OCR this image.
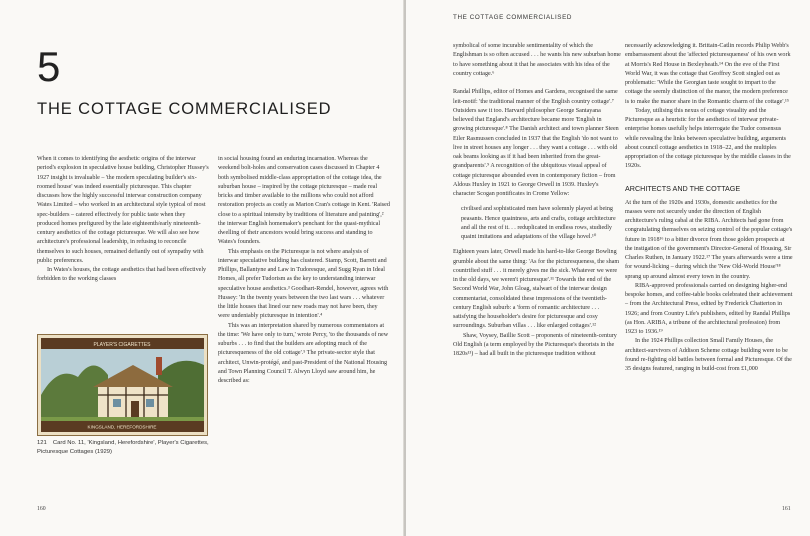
5
THE COTTAGE COMMERCIALISED

When it comes to identifying the aesthetic origins of the interwar period's explosion in speculative house building, Christopher Hussey's 1927 insight is invaluable – 'the modern speculating builder's six-roomed house' was indeed essentially picturesque. This chapter discusses how the highly successful interwar construction company Wates Limited – who worked in an architectural style typical of most spec-builders – catered effectively for public taste when they produced homes prefigured by the late eighteenth/early nineteenth-century aesthetics of the cottage picturesque. We will also see how architecture's professional leadership, in refusing to reconcile themselves to such houses, remained defiantly out of sympathy with public preferences.

In Wates's houses, the cottage aesthetics that had been effectively forbidden to the working classes

PLAYER'S CIGARETTES
KINGSLAND, HEREFORDSHIRE
121 Card No. 11, 'Kingsland, Herefordshire', Player's Cigarettes, Picturesque Cottages (1929)

in social housing found an enduring incarnation. Whereas the weekend bolt-holes and conservation cases discussed in Chapter 4 both symbolised middle-class appropriation of the cottage idea, the suburban house – inspired by the cottage picturesque – made real bricks and timber available to the millions who could not afford restoration projects as costly as Marion Cran's cottage in Kent. 'Raised close to a spiritual intensity by traditions of literature and painting',² the interwar English homemaker's penchant for the quasi-mythical dwelling of their ancestors would bring success and standing to Wates's founders.

This emphasis on the Picturesque is not where analysis of interwar speculative building has clustered. Stamp, Scott, Barrett and Phillips, Ballantyne and Law in Tudoresque, and Sugg Ryan in Ideal Homes, all prefer Tudorism as the key to understanding interwar speculative house aesthetics.³ Goodhart-Rendel, however, agrees with Hussey: 'In the twenty years between the two last wars . . . whatever the little houses that lined our new roads may not have been, they were undeniably picturesque in intention'.⁴

This was an interpretation shared by numerous commentators at the time: 'We have only to turn,' wrote Percy, 'to the thousands of new suburbs . . . to find that the builders are adopting much of the picturesqueness of the old cottage'.⁵ The private-sector style that architect, Unwin-protégé, and past-President of the National Housing and Town Planning Council T. Alwyn Lloyd saw around him, he described as:

160
THE COTTAGE COMMERCIALISED

symbolical of some incurable sentimentality of which the Englishman is so often accused . . . he wants his new suburban home to have something about it that he associates with his idea of the country cottage.⁶

Randal Phillips, editor of Homes and Gardens, recognised the same leit-motif: 'the traditional manner of the English country cottage'.⁷ Outsiders saw it too. Harvard philosopher George Santayana believed that England's architecture became more 'English in growing picturesque'.⁸ The Danish architect and town planner Steen Eiler Rasmussen concluded in 1937 that the English 'do not want to live in street houses any longer . . . they want a cottage . . . with old oak beams looking as if it had been inherited from the great-grandparents'.⁹ A recognition of the ubiquitous visual appeal of cottage picturesque abounded even in contemporary fiction – from Aldous Huxley in 1921 to George Orwell in 1939. Huxley's character Scogan pontificates in Crome Yellow:

civilised and sophisticated men have solemnly played at being peasants. Hence quaintness, arts and crafts, cottage architecture and all the rest of it. . . reduplicated in endless rows, studiedly quaint imitations and adaptations of the village hovel.¹⁰

Eighteen years later, Orwell made his hard-to-like George Bowling grumble about the same thing: 'As for the picturesqueness, the sham countrified stuff . . . it merely gives me the sick. Whatever we were in the old days, we weren't picturesque'.¹¹ Towards the end of the Second World War, John Gloag, stalwart of the interwar design commentariat, consolidated these impressions of the twentieth-century English suburb: a 'form of romantic architecture . . . satisfying the householder's desire for picturesque and cosy surroundings. Suburban villas . . . like enlarged cottages'.¹²

Shaw, Voysey, Baillie Scott – proponents of nineteenth-century Old English (a term employed by the Picturesque's theorists in the 1820s¹³) – had all built in the picturesque tradition without

necessarily acknowledging it. Brittain-Catlin records Philip Webb's embarrassment about the 'affected picturesqueness' of his own work at Morris's Red House in Bexleyheath.¹⁴ On the eve of the First World War, it was the cottage that Geoffrey Scott singled out as problematic: 'While the Georgian taste sought to impart to the cottage the seemly distinction of the manor, the modern preference is to make the manor share in the Romantic charm of the cottage'.¹⁵

Today, utilising this nexus of cottage visuality and the Picturesque as a heuristic for the aesthetics of interwar private-enterprise homes usefully helps interrogate the Tudor consensus while revealing the links between speculative building, arguments about council cottage aesthetics in 1918–22, and the multiples appropriation of the cottage picturesque by the middle classes in the 1920s.

ARCHITECTS AND THE COTTAGE

At the turn of the 1920s and 1930s, domestic aesthetics for the masses were not securely under the direction of English architecture's ruling cabal at the RIBA. Architects had gone from congratulating themselves on seizing control of the popular cottage's future in 1918¹⁶ to a bitter divorce from those golden prospects at the instigation of the government's Director-General of Housing, Sir Charles Ruthen, in January 1922.¹⁷ The years afterwards were a time for wound-licking – during which the 'New Old-World House'¹⁸ sprang up around almost every town in the country.

RIBA-approved professionals carried on designing higher-end bespoke homes, and coffee-table books celebrated their achievement – from the Architectural Press, edited by Frederick Chatterton in 1926; and from Country Life's publishers, edited by Randal Phillips (as Hon. ARIBA, a tribune of the architectural profession) from 1923 to 1936.¹⁹

In the 1924 Phillips collection Small Family Houses, the architect-survivors of Addison Scheme cottage building were to be found re-fighting old battles between formal and Picturesque. Of the 35 designs featured, ranging in build-cost from £1,000

161
